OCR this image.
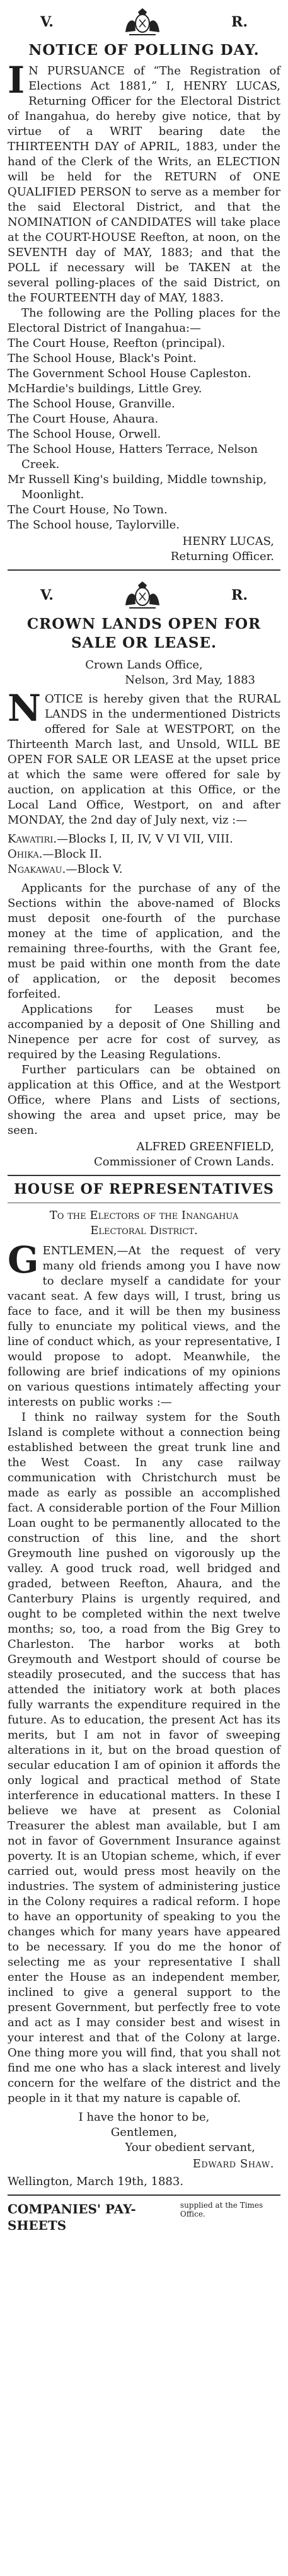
V.	R.
NOTICE OF POLLING DAY.

I N PURSUANCE of “The Registration of Elections Act 1881,” I, HENRY LUCAS, Returning Officer for the Electoral District of Inangahua, do hereby give notice, that by virtue of a WRIT bearing date the THIRTEENTH DAY of APRIL, 1883, under the hand of the Clerk of the Writs, an ELECTION will be held for the RETURN of ONE QUALIFIED PERSON to serve as a member for the said Electoral District, and that the NOMINATION of CANDIDATES will take place at the COURT-HOUSE Reefton, at noon, on the SEVENTH day of MAY, 1883; and that the POLL if necessary will be TAKEN at the several polling-places of the said District, on the FOURTEENTH day of MAY, 1883.

The following are the Polling places for the Electoral District of Inangahua:—

The Court House, Reefton (principal).
The School House, Black's Point.
The Government School House Capleston.
McHardie's buildings, Little Grey.
The School House, Granville.
The Court House, Ahaura.
The School House, Orwell.
The School House, Hatters Terrace, Nelson Creek.
Mr Russell King's building, Middle township, Moonlight.
The Court House, No Town.
The School house, Taylorville.

HENRY LUCAS,

Returning Officer.

V.	R.
CROWN LANDS OPEN FOR
SALE OR LEASE.

Crown Lands Office,

Nelson, 3rd May, 1883

NOTICE is hereby given that the RURAL LANDS in the undermentioned Districts offered for Sale at WESTPORT, on the Thirteenth March last, and Unsold, WILL BE OPEN FOR SALE OR LEASE at the upset price at which the same were offered for sale by auction, on application at this Office, or the Local Land Office, Westport, on and after MONDAY, the 2nd day of July next, viz :—

Kawatiri.—Blocks I, II, IV, V VI VII, VIII.

Ohika.—Block II.

Ngakawau.—Block V.

Applicants for the purchase of any of the Sections within the above-named of Blocks must deposit one-fourth of the purchase money at the time of application, and the remaining three-fourths, with the Grant fee, must be paid within one month from the date of application, or the deposit becomes forfeited.

Applications for Leases must be accompanied by a deposit of One Shilling and Ninepence per acre for cost of survey, as required by the Leasing Regulations.

Further particulars can be obtained on application at this Office, and at the Westport Office, where Plans and Lists of sections, showing the area and upset price, may be seen.

ALFRED GREENFIELD,

Commissioner of Crown Lands.

HOUSE OF REPRESENTATIVES
To the Electors of the Inangahua
Electoral District.

GENTLEMEN,—At the request of very many old friends among you I have now to declare myself a candidate for your vacant seat. A few days will, I trust, bring us face to face, and it will be then my business fully to enunciate my political views, and the line of conduct which, as your representative, I would propose to adopt. Meanwhile, the following are brief indications of my opinions on various questions intimately affecting your interests on public works :—

I think no railway system for the South Island is complete without a connection being established between the great trunk line and the West Coast. In any case railway communication with Christchurch must be made as early as possible an accomplished fact. A considerable portion of the Four Million Loan ought to be permanently allocated to the construction of this line, and the short Greymouth line pushed on vigorously up the valley. A good truck road, well bridged and graded, between Reefton, Ahaura, and the Canterbury Plains is urgently required, and ought to be completed within the next twelve months; so, too, a road from the Big Grey to Charleston. The harbor works at both Greymouth and Westport should of course be steadily prosecuted, and the success that has attended the initiatory work at both places fully warrants the expenditure required in the future. As to education, the present Act has its merits, but I am not in favor of sweeping alterations in it, but on the broad question of secular education I am of opinion it affords the only logical and practical method of State interference in educational matters. In these I believe we have at present as Colonial Treasurer the ablest man available, but I am not in favor of Government Insurance against poverty. It is an Utopian scheme, which, if ever carried out, would press most heavily on the industries. The system of administering justice in the Colony requires a radical reform. I hope to have an opportunity of speaking to you the changes which for many years have appeared to be necessary. If you do me the honor of selecting me as your representative I shall enter the House as an independent member, inclined to give a general support to the present Government, but perfectly free to vote and act as I may consider best and wisest in your interest and that of the Colony at large. One thing more you will find, that you shall not find me one who has a slack interest and lively concern for the welfare of the district and the people in it that my nature is capable of.

I have the honor to be,

Gentlemen,

Your obedient servant,

Edward Shaw.

Wellington, March 19th, 1883.

COMPANIES' PAY-SHEETS
supplied at the Times Office.
